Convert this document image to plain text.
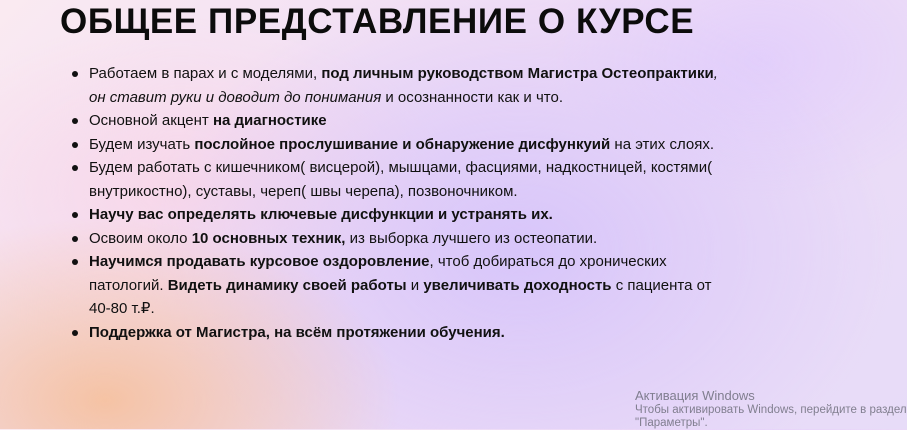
ОБЩЕЕ ПРЕДСТАВЛЕНИЕ О КУРСЕ
Работаем в парах и с моделями, под личным руководством Магистра Остеопрактики, он ставит руки и доводит до понимания и осознанности как и что.
Основной акцент на диагностике
Будем изучать послойное прослушивание и обнаружение дисфункуий на этих слоях.
Будем работать с кишечником( висцерой), мышцами, фасциями, надкостницей, костями( внутрикостно), суставы, череп( швы черепа), позвоночником.
Научу вас определять ключевые дисфункции и устранять их.
Освоим около 10 основных техник, из выборка лучшего из остеопатии.
Научимся продавать курсовое оздоровление, чтоб добираться до хронических патологий. Видеть динамику своей работы и увеличивать доходность с пациента от 40-80 т.₽.
Поддержка от Магистра, на всём протяжении обучения.
Активация Windows
Чтобы активировать Windows, перейдите в раздел
"Параметры".
